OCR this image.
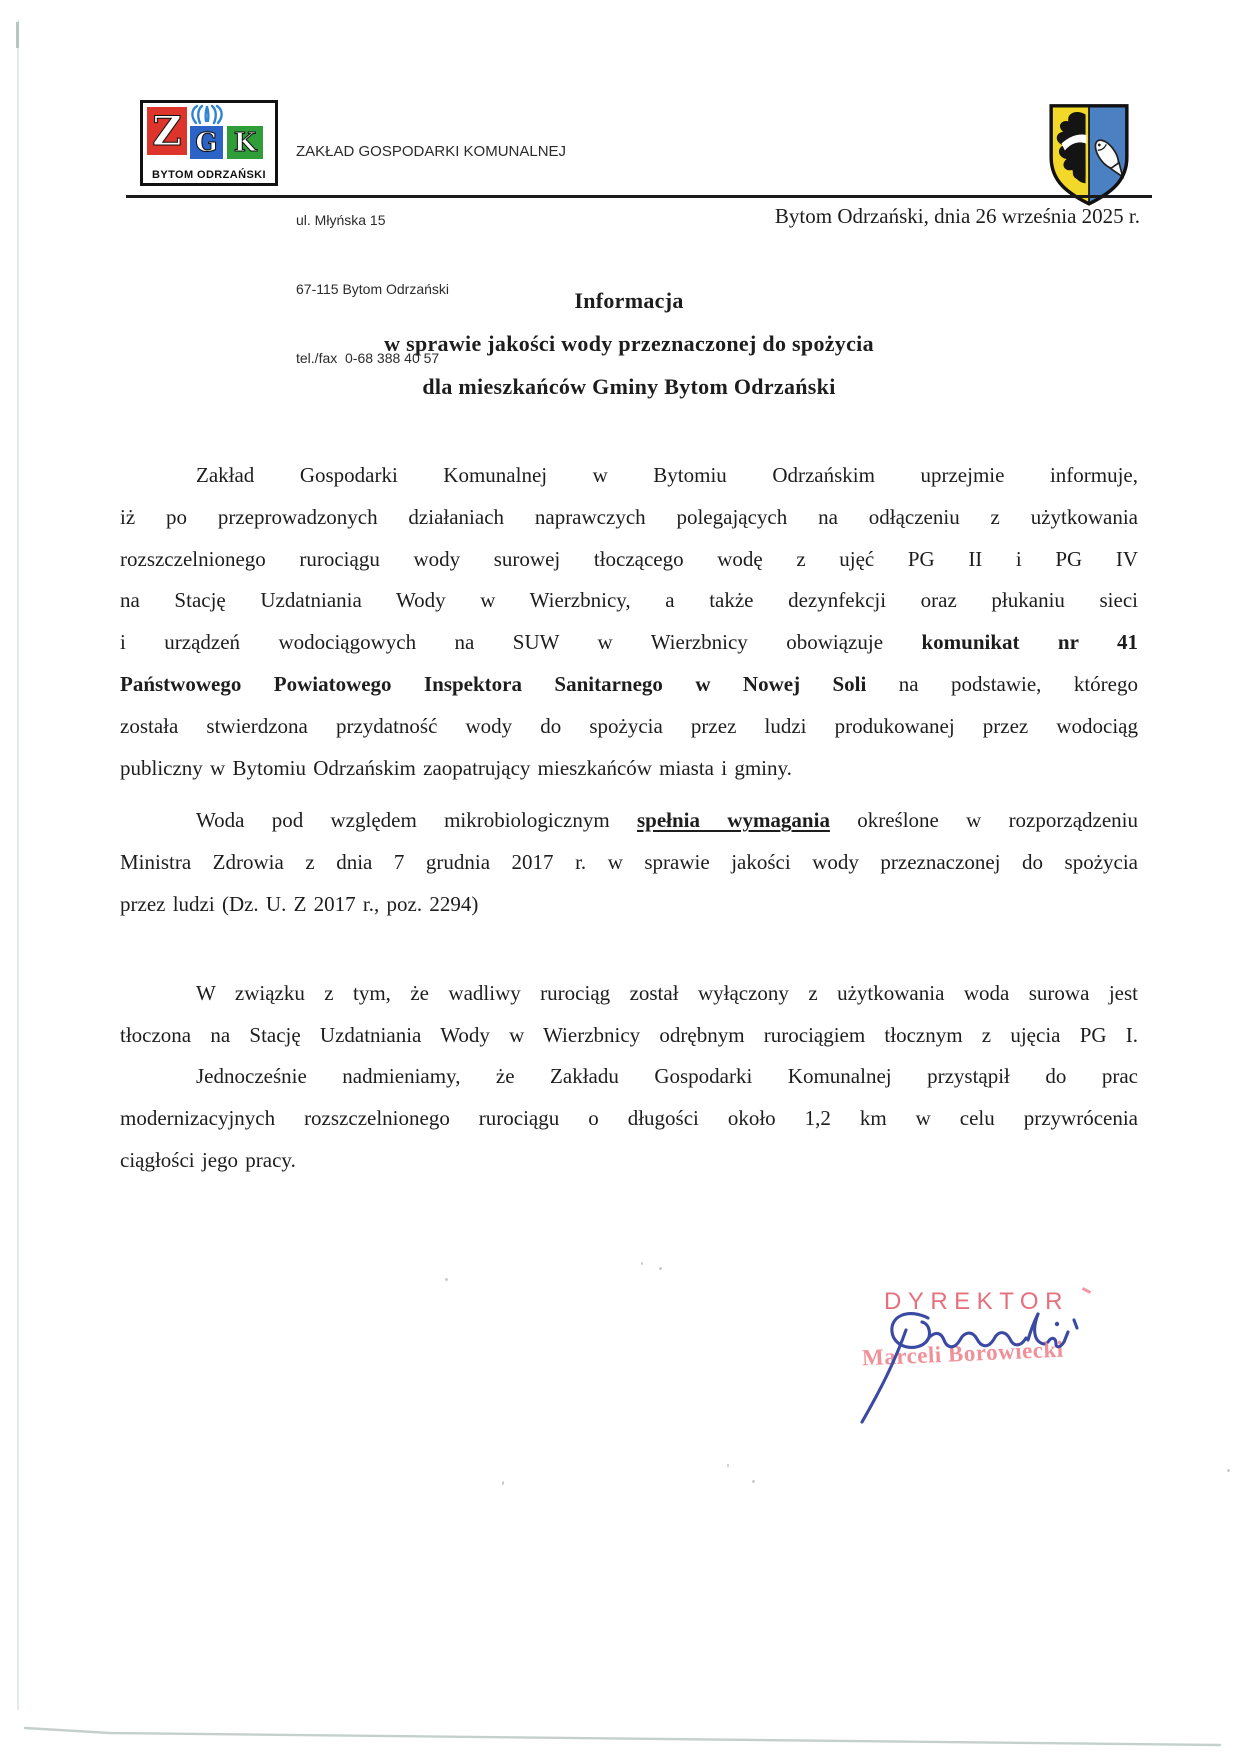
Z G K
BYTOM ODRZAŃSKI

ZAKŁAD GOSPODARKI KOMUNALNEJ

ul. Młyńska 15

67-115 Bytom Odrzański

tel./fax  0-68 388 40 57

Bytom Odrzański, dnia 26 września 2025 r.
Informacja
w sprawie jakości wody przeznaczonej do spożycia
dla mieszkańców Gminy Bytom Odrzański
Zakład Gospodarki Komunalnej w Bytomiu Odrzańskim uprzejmie informuje,
iż po przeprowadzonych działaniach naprawczych polegających na odłączeniu z użytkowania
rozszczelnionego rurociągu wody surowej tłoczącego wodę z ujęć PG II i PG IV
na Stację Uzdatniania Wody w Wierzbnicy, a także dezynfekcji oraz płukaniu sieci
i urządzeń wodociągowych na SUW w Wierzbnicy obowiązuje komunikat nr 41
Państwowego Powiatowego Inspektora Sanitarnego w Nowej Soli na podstawie, którego
została stwierdzona przydatność wody do spożycia przez ludzi produkowanej przez wodociąg
publiczny w Bytomiu Odrzańskim zaopatrujący mieszkańców miasta i gminy.
Woda pod względem mikrobiologicznym spełnia wymagania określone w rozporządzeniu
Ministra Zdrowia z dnia 7 grudnia 2017 r. w sprawie jakości wody przeznaczonej do spożycia
przez ludzi (Dz. U. Z 2017 r., poz. 2294)
W związku z tym, że wadliwy rurociąg został wyłączony z użytkowania woda surowa jest
tłoczona na Stację Uzdatniania Wody w Wierzbnicy odrębnym rurociągiem tłocznym z ujęcia PG I.
Jednocześnie nadmieniamy, że Zakładu Gospodarki Komunalnej przystąpił do prac
modernizacyjnych rozszczelnionego rurociągu o długości około 1,2 km w celu przywrócenia
ciągłości jego pracy.
DYREKTOR
Marceli Borowiecki
